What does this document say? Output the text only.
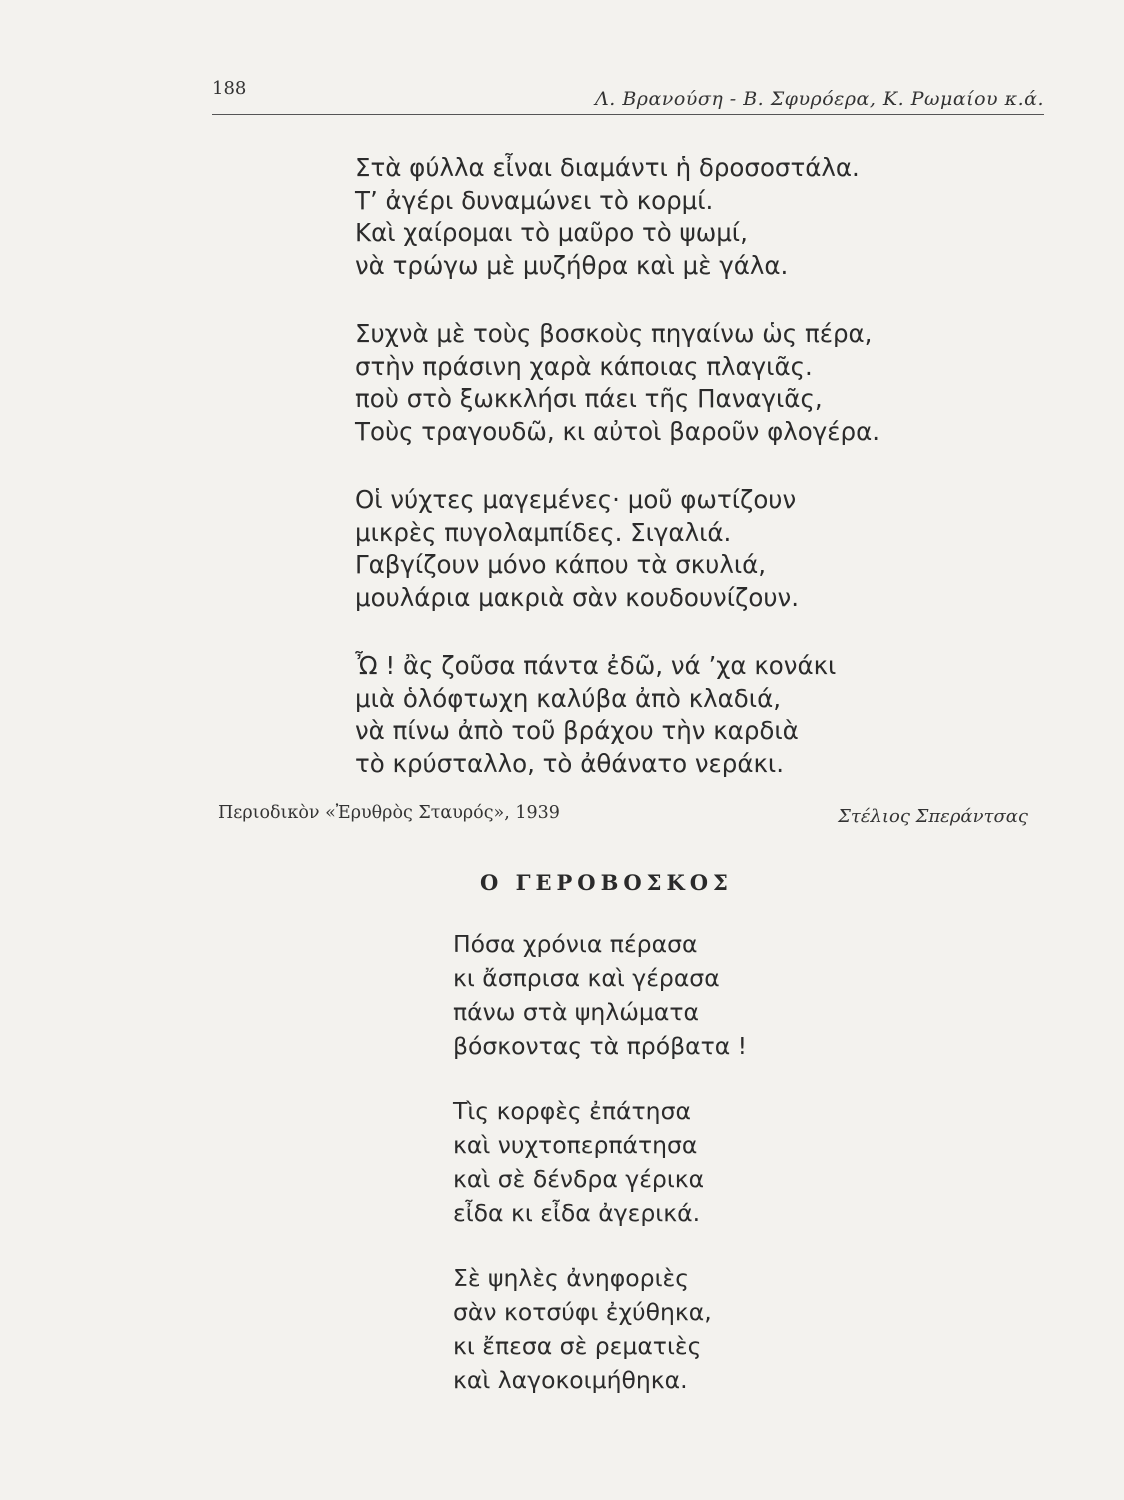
188	Λ. Βρανούση - Β. Σφυρόερα, Κ. Ρωμαίου κ.ά.
Στὰ φύλλα εἶναι διαμάντι ἡ δροσοστάλα.
Τ’ ἀγέρι δυναμώνει τὸ κορμί.
Καὶ χαίρομαι τὸ μαῦρο τὸ ψωμί,
νὰ τρώγω μὲ μυζήθρα καὶ μὲ γάλα.
Συχνὰ μὲ τοὺς βοσκοὺς πηγαίνω ὡς πέρα,
στὴν πράσινη χαρὰ κάποιας πλαγιᾶς.
ποὺ στὸ ξωκκλήσι πάει τῆς Παναγιᾶς,
Τοὺς τραγουδῶ, κι αὐτοὶ βαροῦν φλογέρα.
Οἱ νύχτες μαγεμένες· μοῦ φωτίζουν
μικρὲς πυγολαμπίδες. Σιγαλιά.
Γαβγίζουν μόνο κάπου τὰ σκυλιά,
μουλάρια μακριὰ σὰν κουδουνίζουν.
Ὦ ! ἂς ζοῦσα πάντα ἐδῶ, νά ’χα κονάκι
μιὰ ὁλόφτωχη καλύβα ἀπὸ κλαδιά,
νὰ πίνω ἀπὸ τοῦ βράχου τὴν καρδιὰ
τὸ κρύσταλλο, τὸ ἀθάνατο νεράκι.
Περιοδικὸν «Ἐρυθρὸς Σταυρός», 1939	Στέλιος Σπεράντσας
Ο ΓΕΡΟΒΟΣΚΟΣ
Πόσα χρόνια πέρασα
κι ἄσπρισα καὶ γέρασα
πάνω στὰ ψηλώματα
βόσκοντας τὰ πρόβατα !
Τὶς κορφὲς ἐπάτησα
καὶ νυχτοπερπάτησα
καὶ σὲ δένδρα γέρικα
εἶδα κι εἶδα ἀγερικά.
Σὲ ψηλὲς ἀνηφοριὲς
σὰν κοτσύφι ἐχύθηκα,
κι ἔπεσα σὲ ρεματιὲς
καὶ λαγοκοιμήθηκα.
